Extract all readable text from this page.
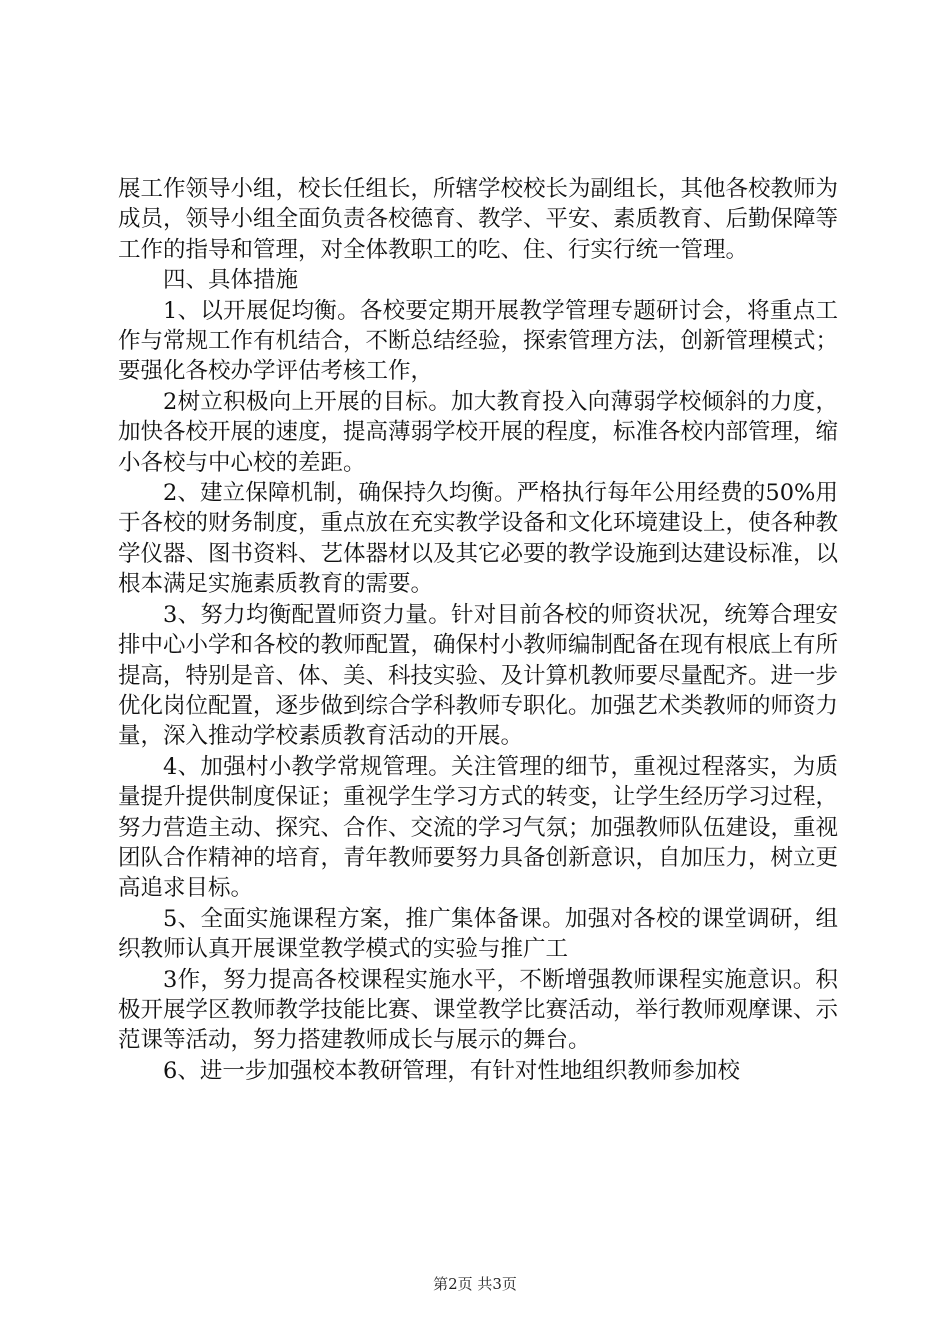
展工作领导小组，校长任组长，所辖学校校长为副组长，其他各校教师为成员，领导小组全面负责各校德育、教学、平安、素质教育、后勤保障等工作的指导和管理，对全体教职工的吃、住、行实行统一管理。

四、具体措施

1、以开展促均衡。各校要定期开展教学管理专题研讨会，将重点工作与常规工作有机结合，不断总结经验，探索管理方法，创新管理模式；要强化各校办学评估考核工作，

2树立积极向上开展的目标。加大教育投入向薄弱学校倾斜的力度，加快各校开展的速度，提高薄弱学校开展的程度，标准各校内部管理，缩小各校与中心校的差距。

2、建立保障机制，确保持久均衡。严格执行每年公用经费的50%用于各校的财务制度，重点放在充实教学设备和文化环境建设上，使各种教学仪器、图书资料、艺体器材以及其它必要的教学设施到达建设标准，以根本满足实施素质教育的需要。

3、努力均衡配置师资力量。针对目前各校的师资状况，统筹合理安排中心小学和各校的教师配置，确保村小教师编制配备在现有根底上有所提高，特别是音、体、美、科技实验、及计算机教师要尽量配齐。进一步优化岗位配置，逐步做到综合学科教师专职化。加强艺术类教师的师资力量，深入推动学校素质教育活动的开展。

4、加强村小教学常规管理。关注管理的细节，重视过程落实，为质量提升提供制度保证；重视学生学习方式的转变，让学生经历学习过程，努力营造主动、探究、合作、交流的学习气氛；加强教师队伍建设，重视团队合作精神的培育，青年教师要努力具备创新意识，自加压力，树立更高追求目标。

5、全面实施课程方案，推广集体备课。加强对各校的课堂调研，组织教师认真开展课堂教学模式的实验与推广工

3作，努力提高各校课程实施水平，不断增强教师课程实施意识。积极开展学区教师教学技能比赛、课堂教学比赛活动，举行教师观摩课、示范课等活动，努力搭建教师成长与展示的舞台。

6、进一步加强校本教研管理，有针对性地组织教师参加校

第2页 共3页
